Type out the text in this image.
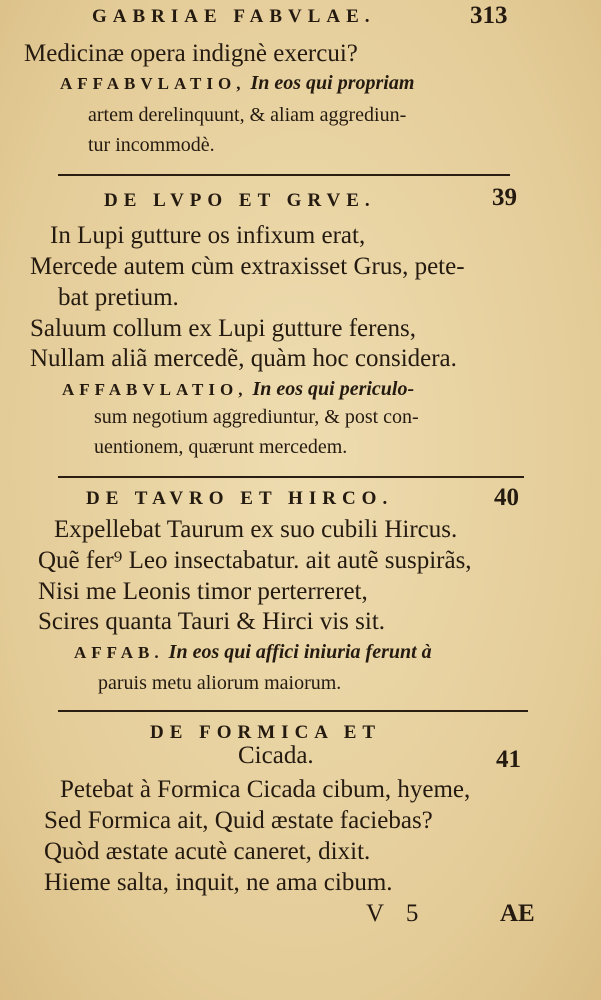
GABRIAE FABVLAE.	313
Medicinæ opera indignè exercui?
AFFABVLATIO, In eos qui propriam
artem derelinquunt, & aliam aggrediun-
tur incommodè.
DE LVPO ET GRVE.	39
In Lupi gutture os infixum erat,
Mercede autem cùm extraxisset Grus, pete-
bat pretium.
Saluum collum ex Lupi gutture ferens,
Nullam aliã mercedẽ, quàm hoc considera.
AFFABVLATIO, In eos qui periculo-
sum negotium aggrediuntur, & post con-
uentionem, quærunt mercedem.
DE TAVRO ET HIRCO.	40
Expellebat Taurum ex suo cubili Hircus.
Quẽ fer⁹ Leo insectabatur. ait autẽ suspirãs,
Nisi me Leonis timor perterreret,
Scires quanta Tauri & Hirci vis sit.
AFFAB. In eos qui affici iniuria ferunt à
paruis metu aliorum maiorum.
DE FORMICA ET
Cicada.	41
Petebat à Formica Cicada cibum, hyeme,
Sed Formica ait, Quid æstate faciebas?
Quòd æstate acutè caneret, dixit.
Hieme salta, inquit, ne ama cibum.
V 5	AE
